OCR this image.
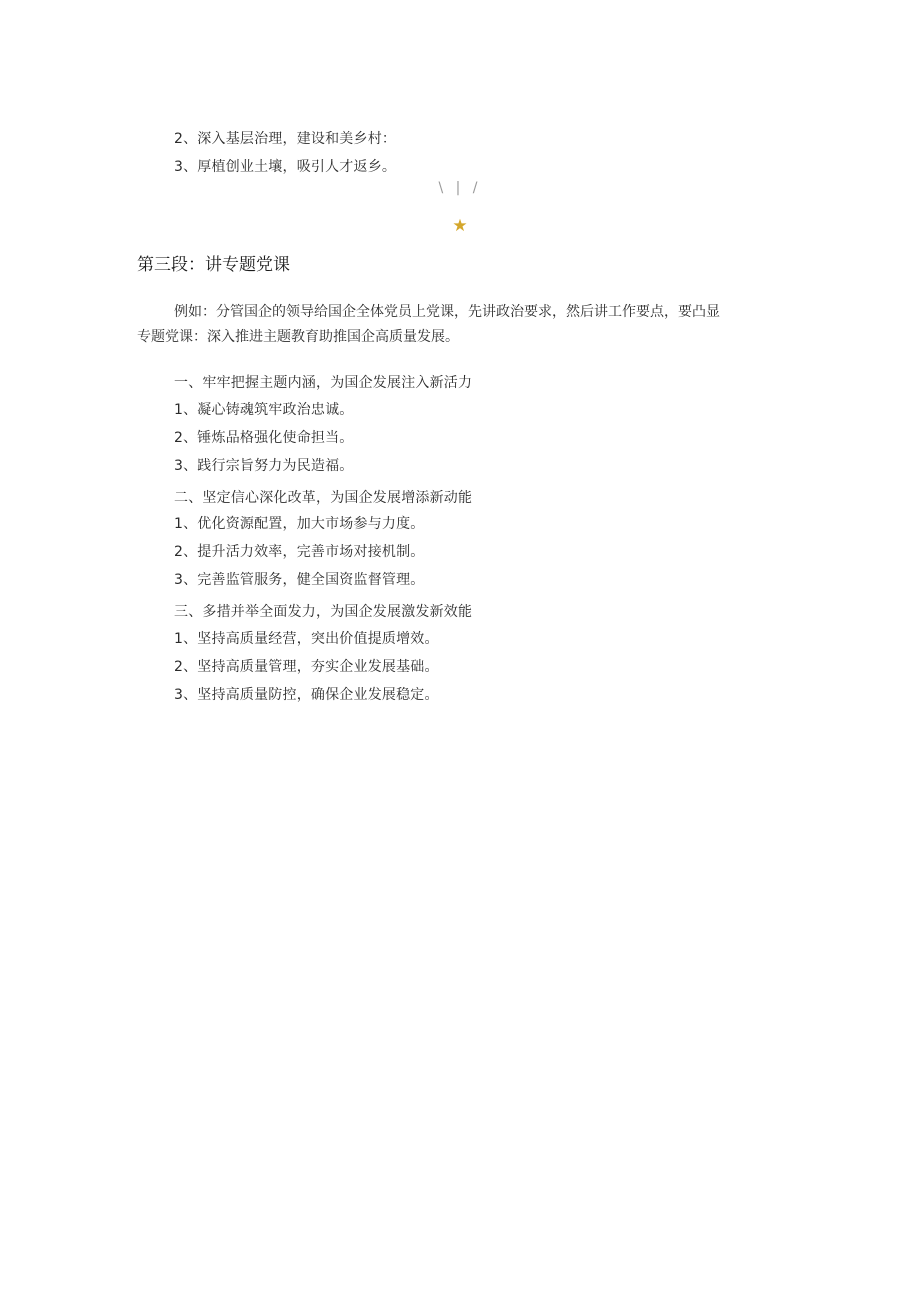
2、深入基层治理，建设和美乡村：
3、厚植创业土壤，吸引人才返乡。
\ | /
★
第三段：讲专题党课
例如：分管国企的领导给国企全体党员上党课，先讲政治要求，然后讲工作要点，要凸显
专题党课：深入推进主题教育助推国企高质量发展。
一、牢牢把握主题内涵，为国企发展注入新活力
1、凝心铸魂筑牢政治忠诚。
2、锤炼品格强化使命担当。
3、践行宗旨努力为民造福。
二、坚定信心深化改革，为国企发展增添新动能
1、优化资源配置，加大市场参与力度。
2、提升活力效率，完善市场对接机制。
3、完善监管服务，健全国资监督管理。
三、多措并举全面发力，为国企发展激发新效能
1、坚持高质量经营，突出价值提质增效。
2、坚持高质量管理，夯实企业发展基础。
3、坚持高质量防控，确保企业发展稳定。
